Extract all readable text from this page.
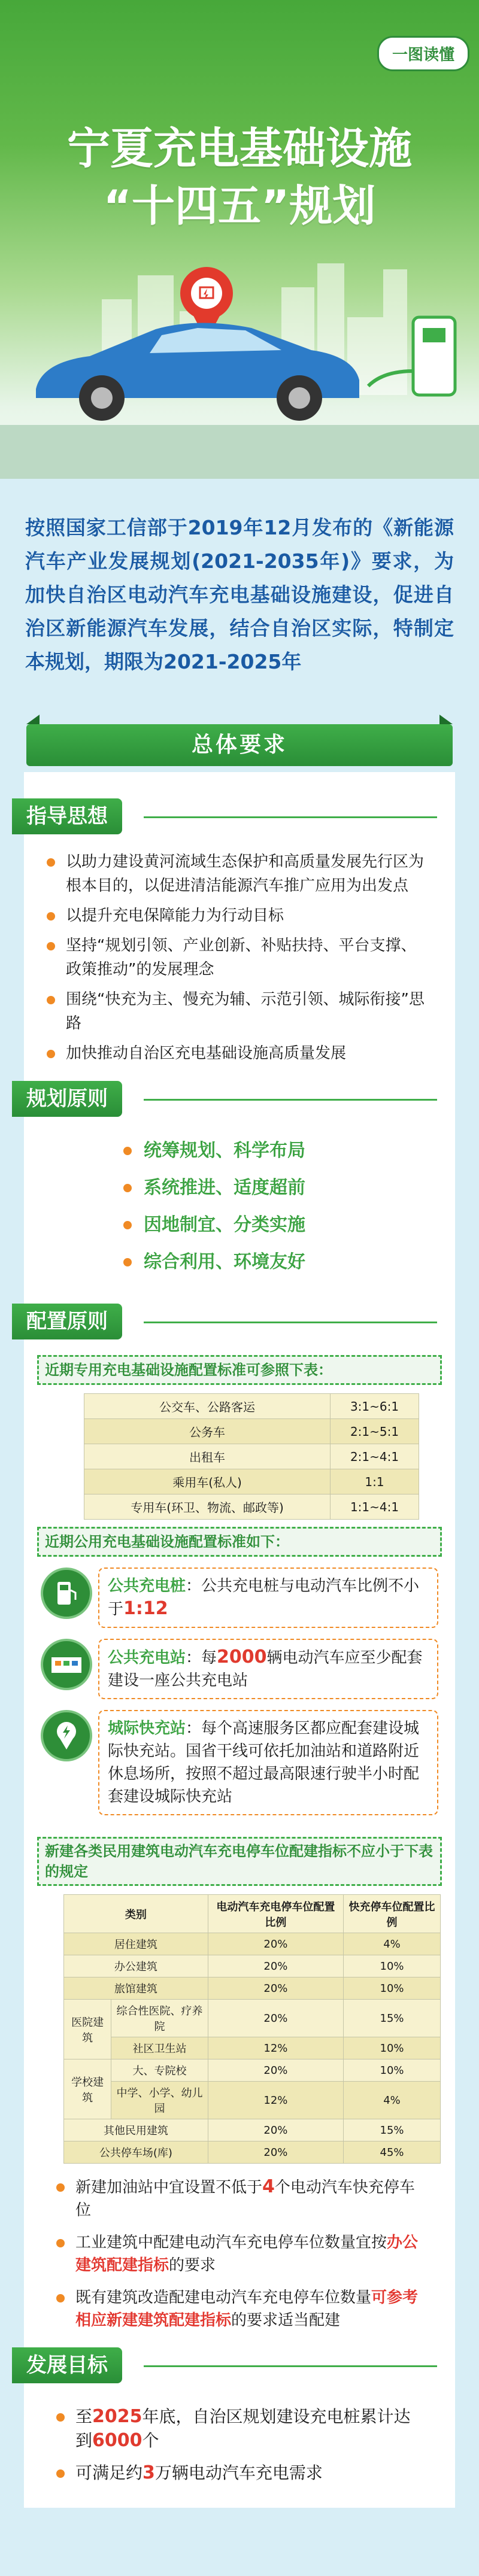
一图读懂
宁夏充电基础设施
“十四五”规划
按照国家工信部于2019年12月发布的《新能源汽车产业发展规划(2021-2035年)》要求，为加快自治区电动汽车充电基础设施建设，促进自治区新能源汽车发展，结合自治区实际，特制定本规划，期限为2021-2025年
总体要求
指导思想
以助力建设黄河流域生态保护和高质量发展先行区为根本目的，以促进清洁能源汽车推广应用为出发点
以提升充电保障能力为行动目标
坚持“规划引领、产业创新、补贴扶持、平台支撑、政策推动”的发展理念
围绕“快充为主、慢充为辅、示范引领、城际衔接”思路
加快推动自治区充电基础设施高质量发展
规划原则
统筹规划、科学布局
系统推进、适度超前
因地制宜、分类实施
综合利用、环境友好
配置原则
近期专用充电基础设施配置标准可参照下表：
公交车、公路客运	3:1~6:1
公务车	2:1~5:1
出租车	2:1~4:1
乘用车(私人)	1:1
专用车(环卫、物流、邮政等)	1:1~4:1
近期公用充电基础设施配置标准如下：
公共充电桩：公共充电桩与电动汽车比例不小于1:12
公共充电站：每2000辆电动汽车应至少配套建设一座公共充电站
城际快充站：每个高速服务区都应配套建设城际快充站。国省干线可依托加油站和道路附近休息场所，按照不超过最高限速行驶半小时配套建设城际快充站
新建各类民用建筑电动汽车充电停车位配建指标不应小于下表的规定
类别		电动汽车充电停车位配置比例	快充停车位配置比例
居住建筑		20%	4%
办公建筑		20%	10%
旅馆建筑		20%	10%
医院建筑	综合性医院、疗养院	20%	15%
	社区卫生站	12%	10%
学校建筑	大、专院校	20%	10%
	中学、小学、幼儿园	12%	4%
其他民用建筑		20%	15%
公共停车场(库)		20%	45%
新建加油站中宜设置不低于4个电动汽车快充停车位
工业建筑中配建电动汽车充电停车位数量宜按办公建筑配建指标的要求
既有建筑改造配建电动汽车充电停车位数量可参考相应新建建筑配建指标的要求适当配建
发展目标
至2025年底，自治区规划建设充电桩累计达到6000个
可满足约3万辆电动汽车充电需求
